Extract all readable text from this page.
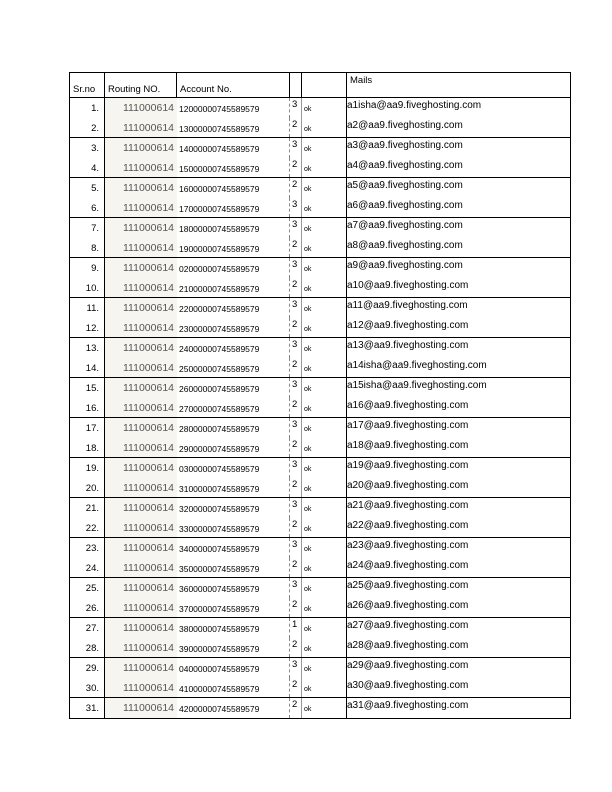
Sr.no Routing NO. Account No.
Mails
1.	111000614 12000000745589579	3 ok	a1isha@aa9.fiveghosting.com
2.	111000614 13000000745589579	2 ok	a2@aa9.fiveghosting.com
3.	111000614 14000000745589579	3 ok	a3@aa9.fiveghosting.com
4.	111000614 15000000745589579	2 ok	a4@aa9.fiveghosting.com
5.	111000614 16000000745589579	2 ok	a5@aa9.fiveghosting.com
6.	111000614 17000000745589579	3 ok	a6@aa9.fiveghosting.com
7.	111000614 18000000745589579	3 ok	a7@aa9.fiveghosting.com
8.	111000614 19000000745589579	2 ok	a8@aa9.fiveghosting.com
9.	111000614 02000000745589579	3 ok	a9@aa9.fiveghosting.com
10.	111000614 21000000745589579	2 ok	a10@aa9.fiveghosting.com
11.	111000614 22000000745589579	3 ok	a11@aa9.fiveghosting.com
12.	111000614 23000000745589579	2 ok	a12@aa9.fiveghosting.com
13.	111000614 24000000745589579	3 ok	a13@aa9.fiveghosting.com
14.	111000614 25000000745589579	2 ok	a14isha@aa9.fiveghosting.com
15.	111000614 26000000745589579	3 ok	a15isha@aa9.fiveghosting.com
16.	111000614 27000000745589579	2 ok	a16@aa9.fiveghosting.com
17.	111000614 28000000745589579	3 ok	a17@aa9.fiveghosting.com
18.	111000614 29000000745589579	2 ok	a18@aa9.fiveghosting.com
19.	111000614 03000000745589579	3 ok	a19@aa9.fiveghosting.com
20.	111000614 31000000745589579	2 ok	a20@aa9.fiveghosting.com
21.	111000614 32000000745589579	3 ok	a21@aa9.fiveghosting.com
22.	111000614 33000000745589579	2 ok	a22@aa9.fiveghosting.com
23.	111000614 34000000745589579	3 ok	a23@aa9.fiveghosting.com
24.	111000614 35000000745589579	2 ok	a24@aa9.fiveghosting.com
25.	111000614 36000000745589579	3 ok	a25@aa9.fiveghosting.com
26.	111000614 37000000745589579	2 ok	a26@aa9.fiveghosting.com
27.	111000614 38000000745589579	1 ok	a27@aa9.fiveghosting.com
28.	111000614 39000000745589579	2 ok	a28@aa9.fiveghosting.com
29.	111000614 04000000745589579	3 ok	a29@aa9.fiveghosting.com
30.	111000614 41000000745589579	2 ok	a30@aa9.fiveghosting.com
31.	111000614 42000000745589579	2 ok	a31@aa9.fiveghosting.com
